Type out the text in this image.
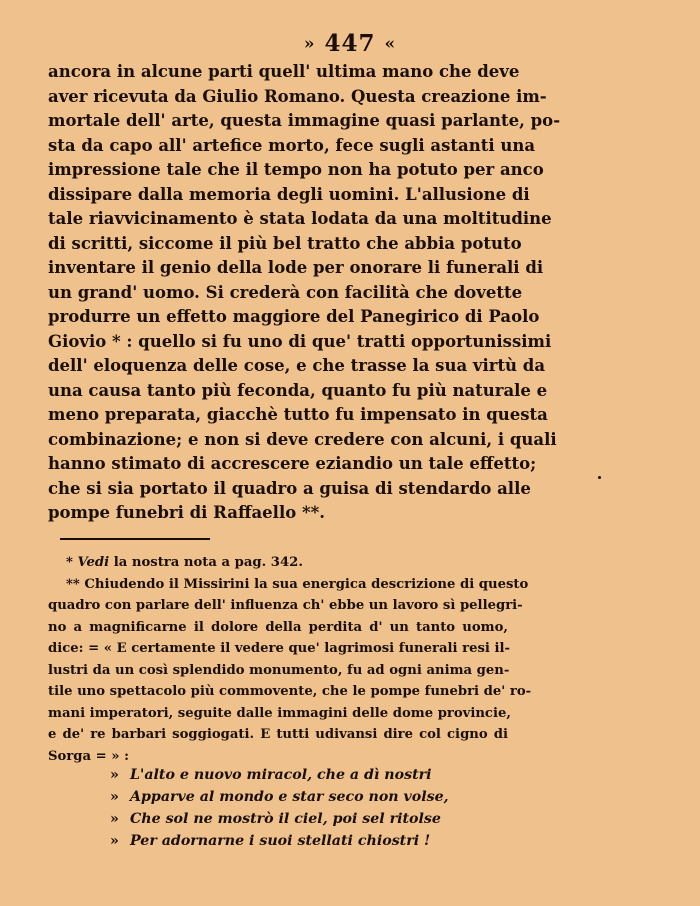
» 447 «
ancora in alcune parti quell' ultima mano che deve
aver ricevuta da Giulio Romano. Questa creazione im-
mortale dell' arte, questa immagine quasi parlante, po-
sta da capo all' artefice morto, fece sugli astanti una
impressione tale che il tempo non ha potuto per anco
dissipare dalla memoria degli uomini. L'allusione di
tale riavvicinamento è stata lodata da una moltitudine
di scritti, siccome il più bel tratto che abbia potuto
inventare il genio della lode per onorare li funerali di
un grand' uomo. Si crederà con facilità che dovette
produrre un effetto maggiore del Panegirico di Paolo
Giovio * : quello si fu uno di que' tratti opportunissimi
dell' eloquenza delle cose, e che trasse la sua virtù da
una causa tanto più feconda, quanto fu più naturale e
meno preparata, giacchè tutto fu impensato in questa
combinazione; e non si deve credere con alcuni, i quali
hanno stimato di accrescere eziandio un tale effetto;
che si sia portato il quadro a guisa di stendardo alle
pompe funebri di Raffaello **.
* Vedi la nostra nota a pag. 342.
** Chiudendo il Missirini la sua energica descrizione di questo
quadro con parlare dell' influenza ch' ebbe un lavoro sì pellegri-
no a magnificarne il dolore della perdita d' un tanto uomo,
dice: = « E certamente il vedere que' lagrimosi funerali resi il-
lustri da un così splendido monumento, fu ad ogni anima gen-
tile uno spettacolo più commovente, che le pompe funebri de' ro-
mani imperatori, seguite dalle immagini delle dome provincie,
e de' re barbari soggiogati. E tutti udivansi dire col cigno di
Sorga = » :
» L'alto e nuovo miracol, che a dì nostri
» Apparve al mondo e star seco non volse,
» Che sol ne mostrò il ciel, poi sel ritolse
» Per adornarne i suoi stellati chiostri !
